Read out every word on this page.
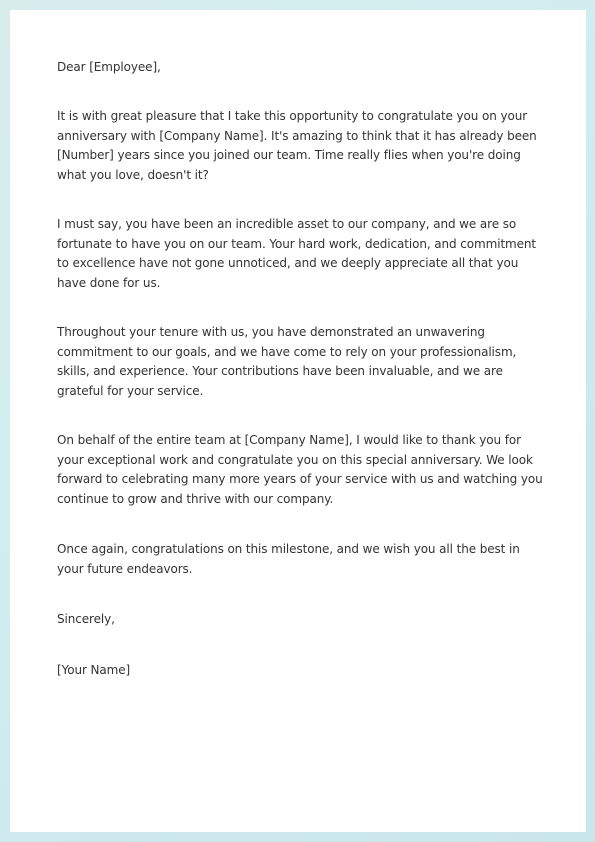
Dear [Employee],

It is with great pleasure that I take this opportunity to congratulate you on your anniversary with [Company Name]. It's amazing to think that it has already been [Number] years since you joined our team. Time really flies when you're doing what you love, doesn't it?

I must say, you have been an incredible asset to our company, and we are so fortunate to have you on our team. Your hard work, dedication, and commitment to excellence have not gone unnoticed, and we deeply appreciate all that you have done for us.

Throughout your tenure with us, you have demonstrated an unwavering commitment to our goals, and we have come to rely on your professionalism, skills, and experience. Your contributions have been invaluable, and we are grateful for your service.

On behalf of the entire team at [Company Name], I would like to thank you for your exceptional work and congratulate you on this special anniversary. We look forward to celebrating many more years of your service with us and watching you continue to grow and thrive with our company.

Once again, congratulations on this milestone, and we wish you all the best in your future endeavors.

Sincerely,

[Your Name]
